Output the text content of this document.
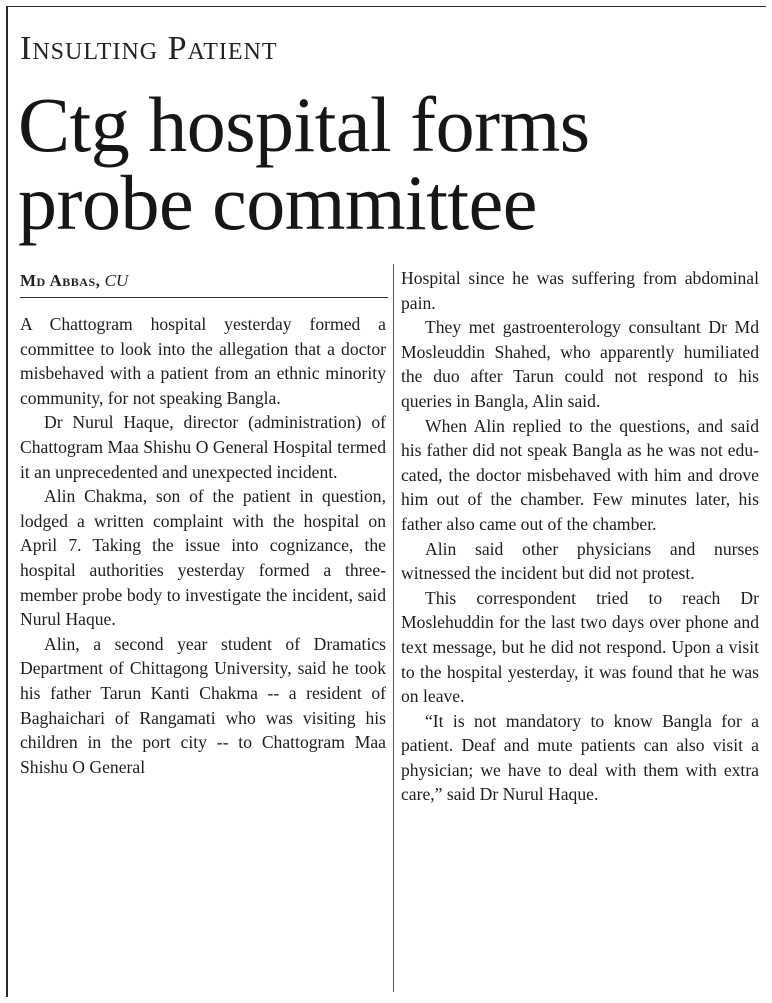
Insulting Patient
Ctg hospital forms
probe committee
Md Abbas, CU

A Chattogram hospital yesterday formed a committee to look into the allegation that a doctor misbehaved with a patient from an ethnic minority community, for not speaking Bangla.

Dr Nurul Haque, director (administration) of Chattogram Maa Shishu O General Hospital termed it an unprecedented and unexpected incident.

Alin Chakma, son of the patient in question, lodged a written complaint with the hospital on April 7. Taking the issue into cognizance, the hospital authorities yesterday formed a three-member probe body to investigate the incident, said Nurul Haque.

Alin, a second year student of Dramatics Department of Chittagong University, said he took his father Tarun Kanti Chakma -- a resident of Baghaichari of Rangamati who was visiting his children in the port city -- to Chattogram Maa Shishu O General

Hospital since he was suffering from abdominal pain.

They met gastroenterology consultant Dr Md Mosleuddin Shahed, who apparently humiliated the duo after Tarun could not respond to his queries in Bangla, Alin said.

When Alin replied to the questions, and said his father did not speak Bangla as he was not educated, the doctor misbehaved with him and drove him out of the chamber. Few minutes later, his father also came out of the chamber.

Alin said other physicians and nurses witnessed the incident but did not protest.

This correspondent tried to reach Dr Moslehuddin for the last two days over phone and text message, but he did not respond. Upon a visit to the hospital yesterday, it was found that he was on leave.

“It is not mandatory to know Bangla for a patient. Deaf and mute patients can also visit a physician; we have to deal with them with extra care,” said Dr Nurul Haque.
